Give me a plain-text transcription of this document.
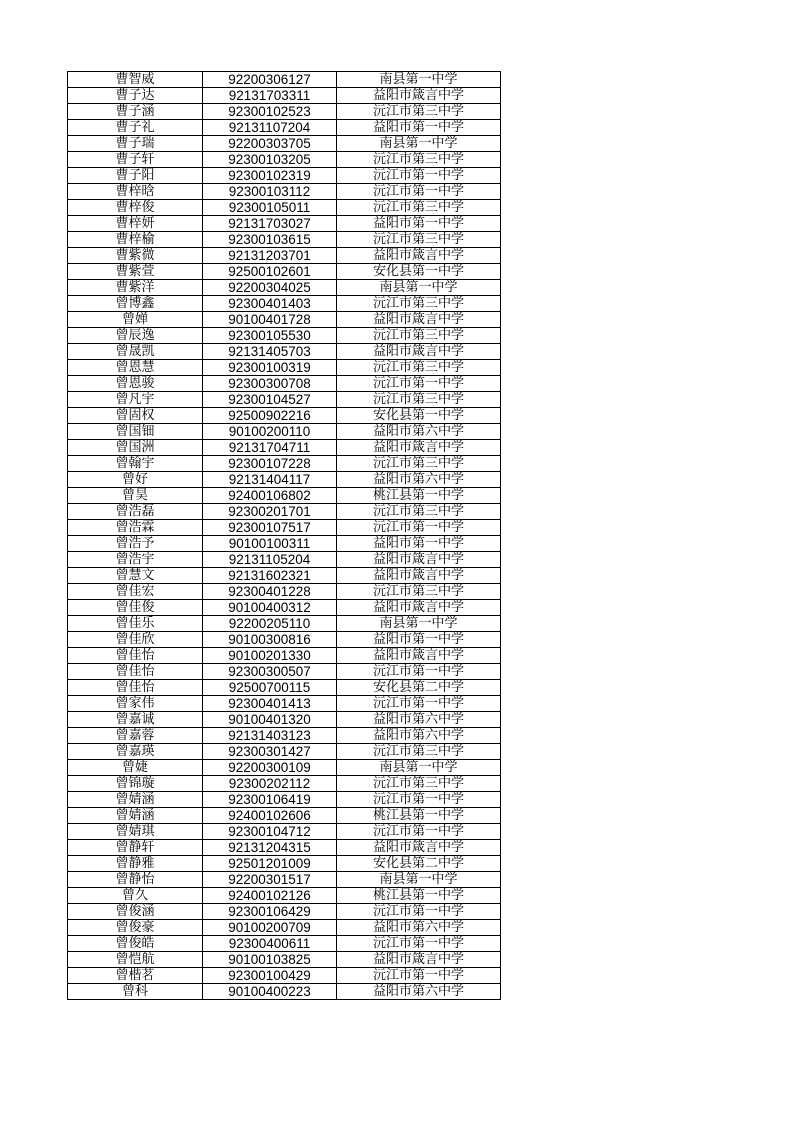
曹智威	92200306127	南县第一中学
曹子达	92131703311	益阳市箴言中学
曹子涵	92300102523	沅江市第三中学
曹子礼	92131107204	益阳市第一中学
曹子瑞	92200303705	南县第一中学
曹子轩	92300103205	沅江市第三中学
曹子阳	92300102319	沅江市第一中学
曹梓晗	92300103112	沅江市第一中学
曹梓俊	92300105011	沅江市第三中学
曹梓妍	92131703027	益阳市第一中学
曹梓榆	92300103615	沅江市第三中学
曹紫微	92131203701	益阳市箴言中学
曹紫萱	92500102601	安化县第一中学
曹紫洋	92200304025	南县第一中学
曾博鑫	92300401403	沅江市第三中学
曾婵	90100401728	益阳市箴言中学
曾辰逸	92300105530	沅江市第三中学
曾晟凯	92131405703	益阳市箴言中学
曾恩慧	92300100319	沅江市第三中学
曾恩骏	92300300708	沅江市第一中学
曾凡宇	92300104527	沅江市第三中学
曾固权	92500902216	安化县第一中学
曾国钿	90100200110	益阳市第六中学
曾国洲	92131704711	益阳市箴言中学
曾翰宇	92300107228	沅江市第三中学
曾好	92131404117	益阳市第六中学
曾昊	92400106802	桃江县第一中学
曾浩磊	92300201701	沅江市第三中学
曾浩霖	92300107517	沅江市第一中学
曾浩予	90100100311	益阳市第一中学
曾浩宇	92131105204	益阳市箴言中学
曾慧文	92131602321	益阳市箴言中学
曾佳宏	92300401228	沅江市第三中学
曾佳俊	90100400312	益阳市箴言中学
曾佳乐	92200205110	南县第一中学
曾佳欣	90100300816	益阳市第一中学
曾佳怡	90100201330	益阳市箴言中学
曾佳怡	92300300507	沅江市第一中学
曾佳怡	92500700115	安化县第二中学
曾家伟	92300401413	沅江市第一中学
曾嘉诚	90100401320	益阳市第六中学
曾嘉蓉	92131403123	益阳市第六中学
曾嘉瑛	92300301427	沅江市第三中学
曾婕	92200300109	南县第一中学
曾锦璇	92300202112	沅江市第三中学
曾婧涵	92300106419	沅江市第一中学
曾婧涵	92400102606	桃江县第一中学
曾婧琪	92300104712	沅江市第一中学
曾静轩	92131204315	益阳市箴言中学
曾静雅	92501201009	安化县第二中学
曾静怡	92200301517	南县第一中学
曾久	92400102126	桃江县第一中学
曾俊涵	92300106429	沅江市第一中学
曾俊豪	90100200709	益阳市第六中学
曾俊皓	92300400611	沅江市第一中学
曾恺航	90100103825	益阳市箴言中学
曾楷茗	92300100429	沅江市第一中学
曾科	90100400223	益阳市第六中学
